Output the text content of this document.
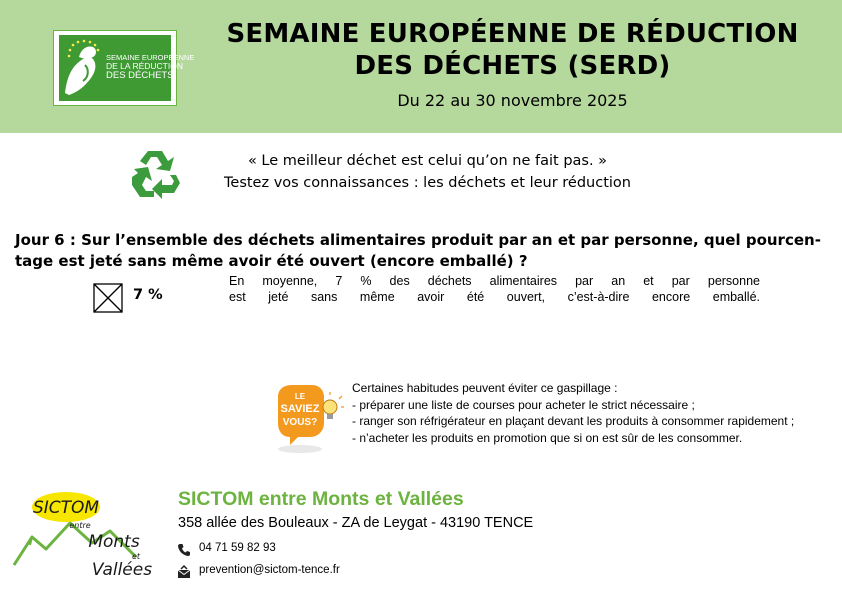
SEMAINE EUROPÉENNE
DE LA RÉDUCTION
DES DÉCHETS
SEMAINE EUROPÉENNE DE RÉDUCTION
DES DÉCHETS (SERD)
Du 22 au 30 novembre 2025
« Le meilleur déchet est celui qu’on ne fait pas. »
Testez vos connaissances : les déchets et leur réduction
Jour 6 : Sur l’ensemble des déchets alimentaires produit par an et par personne, quel pourcen-
tage est jeté sans même avoir été ouvert (encore emballé) ?
7 %
En moyenne, 7 % des déchets alimentaires par an et par personne
est jeté sans même avoir été ouvert, c’est-à-dire encore emballé.
LE
SAVIEZ
VOUS?
Certaines habitudes peuvent éviter ce gaspillage :
- préparer une liste de courses pour acheter le strict nécessaire ;
- ranger son réfrigérateur en plaçant devant les produits à consommer rapidement ;
- n’acheter les produits en promotion que si on est sûr de les consommer.
SICTOM
entre
Monts
et
Vallées
SICTOM entre Monts et Vallées
358 allée des Bouleaux - ZA de Leygat - 43190 TENCE
04 71 59 82 93
prevention@sictom-tence.fr
